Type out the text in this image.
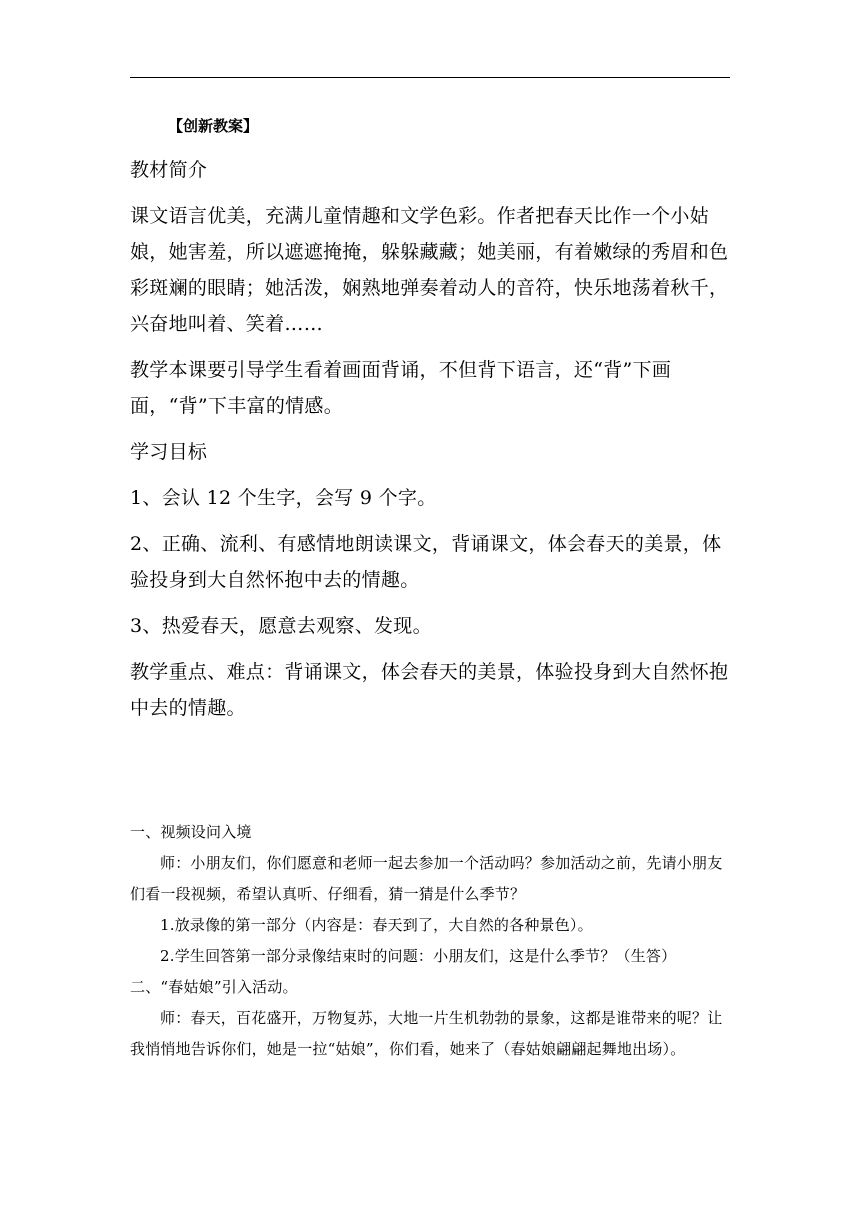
【创新教案】

教材简介

课文语言优美，充满儿童情趣和文学色彩。作者把春天比作一个小姑娘，她害羞，所以遮遮掩掩，躲躲藏藏；她美丽，有着嫩绿的秀眉和色彩斑斓的眼睛；她活泼，娴熟地弹奏着动人的音符，快乐地荡着秋千，兴奋地叫着、笑着……

教学本课要引导学生看着画面背诵，不但背下语言，还“背”下画面，“背”下丰富的情感。

学习目标

1、会认 12 个生字，会写 9 个字。

2、正确、流利、有感情地朗读课文，背诵课文，体会春天的美景，体验投身到大自然怀抱中去的情趣。

3、热爱春天，愿意去观察、发现。

教学重点、难点：背诵课文，体会春天的美景，体验投身到大自然怀抱中去的情趣。

一、视频设问入境

师：小朋友们，你们愿意和老师一起去参加一个活动吗？参加活动之前，先请小朋友们看一段视频，希望认真听、仔细看，猜一猜是什么季节？

1.放录像的第一部分（内容是：春天到了，大自然的各种景色）。

2.学生回答第一部分录像结束时的问题：小朋友们，这是什么季节？（生答）

二、“春姑娘”引入活动。

师：春天，百花盛开，万物复苏，大地一片生机勃勃的景象，这都是谁带来的呢？让我悄悄地告诉你们，她是一拉“姑娘”，你们看，她来了（春姑娘翩翩起舞地出场）。
